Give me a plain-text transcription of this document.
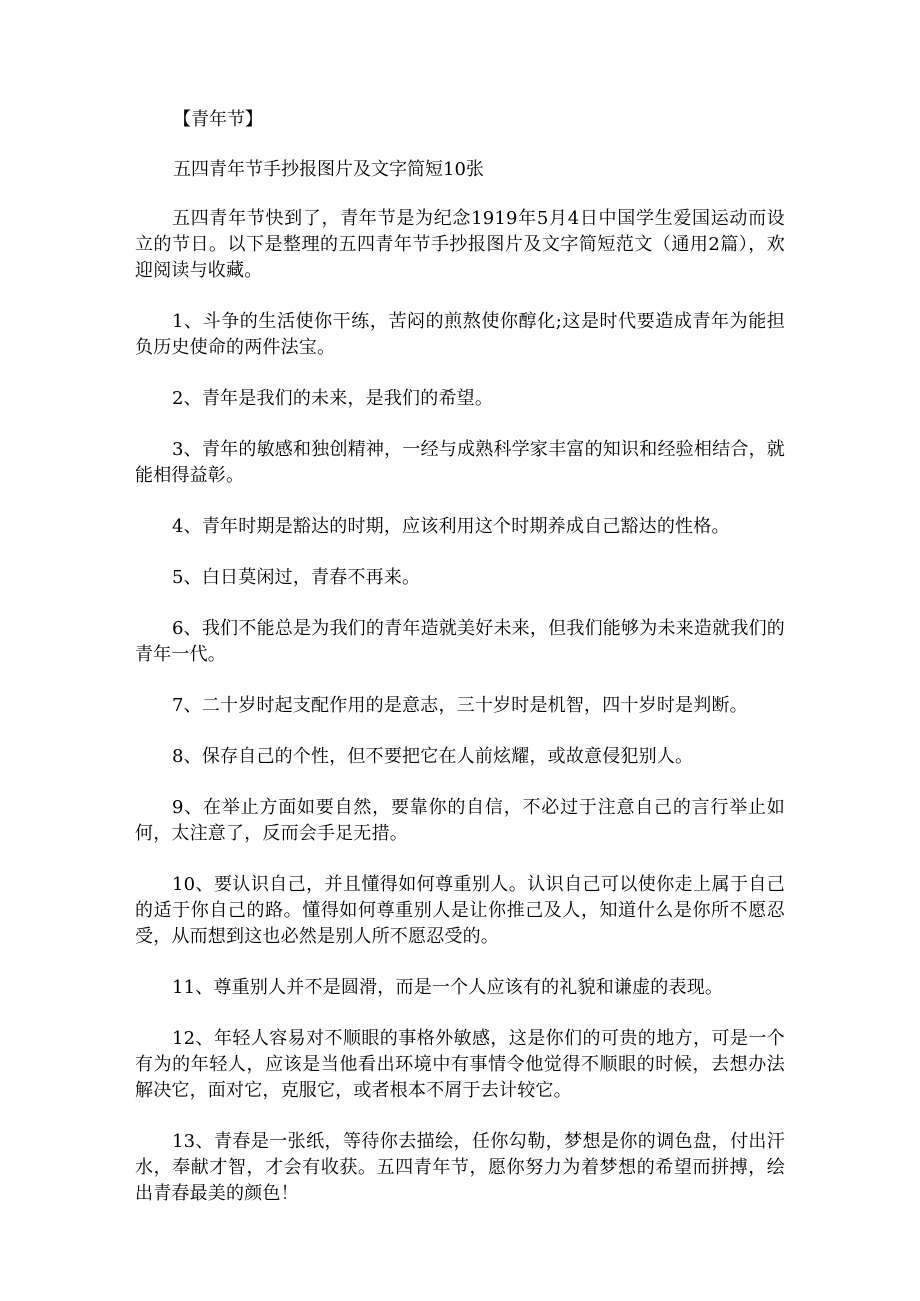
【青年节】
五四青年节手抄报图片及文字简短10张

五四青年节快到了，青年节是为纪念1919年5月4日中国学生爱国运动而设立的节日。以下是整理的五四青年节手抄报图片及文字简短范文（通用2篇），欢迎阅读与收藏。

1、斗争的生活使你干练，苦闷的煎熬使你醇化;这是时代要造成青年为能担负历史使命的两件法宝。

2、青年是我们的未来，是我们的希望。

3、青年的敏感和独创精神，一经与成熟科学家丰富的知识和经验相结合，就能相得益彰。

4、青年时期是豁达的时期，应该利用这个时期养成自己豁达的性格。

5、白日莫闲过，青春不再来。

6、我们不能总是为我们的青年造就美好未来，但我们能够为未来造就我们的青年一代。

7、二十岁时起支配作用的是意志，三十岁时是机智，四十岁时是判断。

8、保存自己的个性，但不要把它在人前炫耀，或故意侵犯别人。

9、在举止方面如要自然，要靠你的自信，不必过于注意自己的言行举止如何，太注意了，反而会手足无措。

10、要认识自己，并且懂得如何尊重别人。认识自己可以使你走上属于自己的适于你自己的路。懂得如何尊重别人是让你推己及人，知道什么是你所不愿忍受，从而想到这也必然是别人所不愿忍受的。

11、尊重别人并不是圆滑，而是一个人应该有的礼貌和谦虚的表现。

12、年轻人容易对不顺眼的事格外敏感，这是你们的可贵的地方，可是一个有为的年轻人，应该是当他看出环境中有事情令他觉得不顺眼的时候，去想办法解决它，面对它，克服它，或者根本不屑于去计较它。

13、青春是一张纸，等待你去描绘，任你勾勒，梦想是你的调色盘，付出汗水，奉献才智，才会有收获。五四青年节，愿你努力为着梦想的希望而拼搏，绘出青春最美的颜色！
